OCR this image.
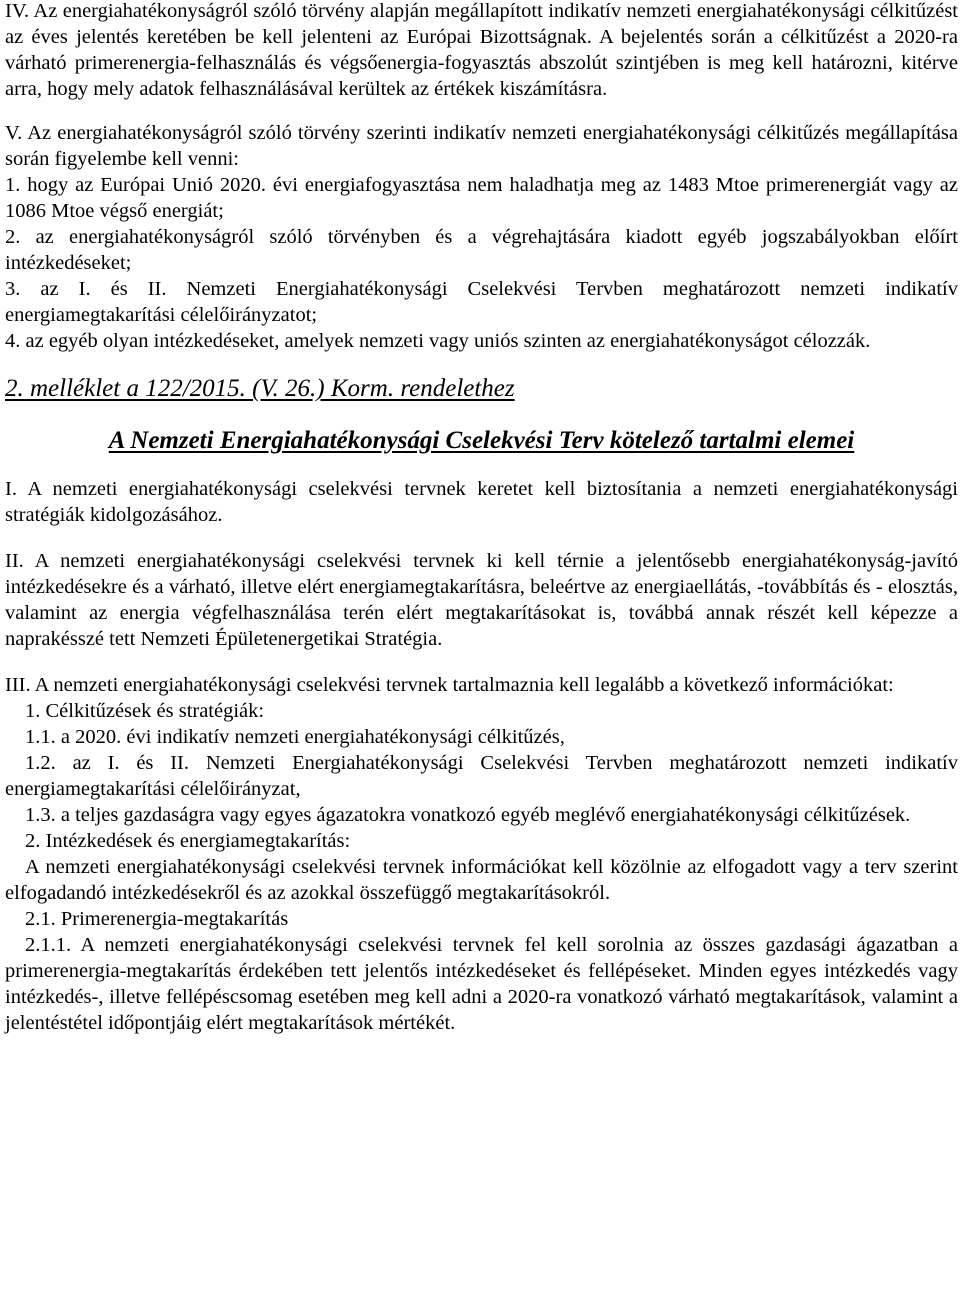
IV. Az energiahatékonyságról szóló törvény alapján megállapított indikatív nemzeti energiahatékonysági célkitűzést az éves jelentés keretében be kell jelenteni az Európai Bizottságnak. A bejelentés során a célkitűzést a 2020-ra várható primerenergia-felhasználás és végsőenergia-fogyasztás abszolút szintjében is meg kell határozni, kitérve arra, hogy mely adatok felhasználásával kerültek az értékek kiszámításra.

V. Az energiahatékonyságról szóló törvény szerinti indikatív nemzeti energiahatékonysági célkitűzés megállapítása során figyelembe kell venni:

1. hogy az Európai Unió 2020. évi energiafogyasztása nem haladhatja meg az 1483 Mtoe primerenergiát vagy az 1086 Mtoe végső energiát;

2. az energiahatékonyságról szóló törvényben és a végrehajtására kiadott egyéb jogszabályokban előírt intézkedéseket;

3. az I. és II. Nemzeti Energiahatékonysági Cselekvési Tervben meghatározott nemzeti indikatív energiamegtakarítási célelőirányzatot;

4. az egyéb olyan intézkedéseket, amelyek nemzeti vagy uniós szinten az energiahatékonyságot célozzák.

2. melléklet a 122/2015. (V. 26.) Korm. rendelethez

A Nemzeti Energiahatékonysági Cselekvési Terv kötelező tartalmi elemei

I. A nemzeti energiahatékonysági cselekvési tervnek keretet kell biztosítania a nemzeti energiahatékonysági stratégiák kidolgozásához.

II. A nemzeti energiahatékonysági cselekvési tervnek ki kell térnie a jelentősebb energiahatékonyság-javító intézkedésekre és a várható, illetve elért energiamegtakarításra, beleértve az energiaellátás, -továbbítás és - elosztás, valamint az energia végfelhasználása terén elért megtakarításokat is, továbbá annak részét kell képezze a naprakésszé tett Nemzeti Épületenergetikai Stratégia.

III. A nemzeti energiahatékonysági cselekvési tervnek tartalmaznia kell legalább a következő információkat:

1. Célkitűzések és stratégiák:

1.1. a 2020. évi indikatív nemzeti energiahatékonysági célkitűzés,

1.2. az I. és II. Nemzeti Energiahatékonysági Cselekvési Tervben meghatározott nemzeti indikatív energiamegtakarítási célelőirányzat,

1.3. a teljes gazdaságra vagy egyes ágazatokra vonatkozó egyéb meglévő energiahatékonysági célkitűzések.

2. Intézkedések és energiamegtakarítás:

A nemzeti energiahatékonysági cselekvési tervnek információkat kell közölnie az elfogadott vagy a terv szerint elfogadandó intézkedésekről és az azokkal összefüggő megtakarításokról.

2.1. Primerenergia-megtakarítás

2.1.1. A nemzeti energiahatékonysági cselekvési tervnek fel kell sorolnia az összes gazdasági ágazatban a primerenergia-megtakarítás érdekében tett jelentős intézkedéseket és fellépéseket. Minden egyes intézkedés vagy intézkedés-, illetve fellépéscsomag esetében meg kell adni a 2020-ra vonatkozó várható megtakarítások, valamint a jelentéstétel időpontjáig elért megtakarítások mértékét.
